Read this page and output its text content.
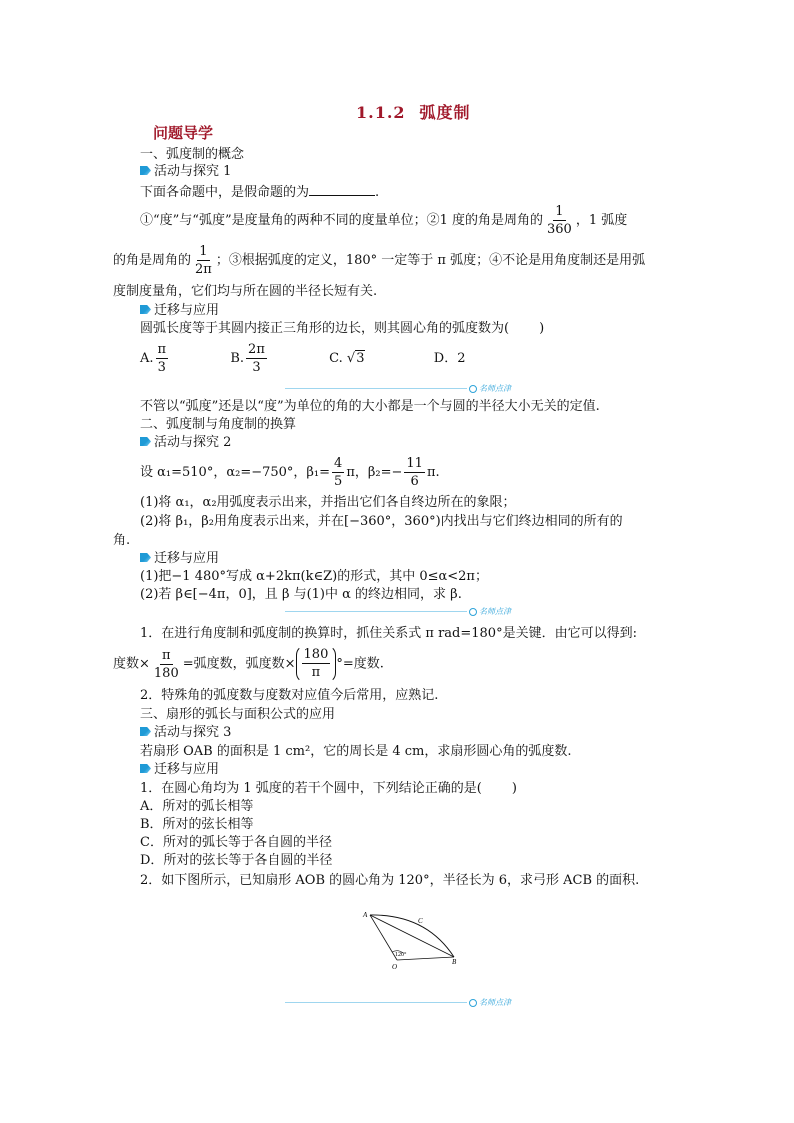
1.1.2 弧度制
问题导学
一、弧度制的概念
活动与探究 1
下面各命题中，是假命题的为	.
①“度”与“弧度”是度量角的两种不同的度量单位；②1 度的角是周角的 $\frac{1}{360}$ ，1 弧度
的角是周角的 $\frac{1}{2\pi}$ ；③根据弧度的定义，180° 一定等于 π 弧度；④不论是用角度制还是用弧
度制度量角，它们均与所在圆的半径长短有关.
迁移与应用
圆弧长度等于其圆内接正三角形的边长，则其圆心角的弧度数为( )
A. $\frac{\pi}{3}$	B. $\frac{2\pi}{3}$	C. √3	D．2
名师点津
不管以“弧度”还是以“度”为单位的角的大小都是一个与圆的半径大小无关的定值.
二、弧度制与角度制的换算
活动与探究 2
设 α₁=510°，α₂=−750°，$\beta_1= \frac{4}{5}$ π，$\beta_2=- \frac{11}{6} \pi$.
(1)将 α₁，α₂用弧度表示出来，并指出它们各自终边所在的象限；
(2)将 β₁，β₂用角度表示出来，并在[−360°，360°)内找出与它们终边相同的所有的
角.
迁移与应用
(1)把−1 480°写成 α+2kπ(k∈Z)的形式，其中 0≤α<2π；
(2)若 β∈[−4π，0]，且 β 与(1)中 α 的终边相同，求 β.
名师点津
1．在进行角度制和弧度制的换算时，抓住关系式 π rad=180°是关键．由它可以得到:
度数× $\frac{\pi}{180}$ =弧度数，弧度数× $\frac{180}{\pi}$ °=度数.
2．特殊角的弧度数与度数对应值今后常用，应熟记.
三、扇形的弧长与面积公式的应用
活动与探究 3
若扇形 OAB 的面积是 1 cm²，它的周长是 4 cm，求扇形圆心角的弧度数.
迁移与应用
1．在圆心角均为 1 弧度的若干个圆中，下列结论正确的是( )
A．所对的弧长相等
B．所对的弦长相等
C．所对的弧长等于各自圆的半径
D．所对的弦长等于各自圆的半径
2．如下图所示，已知扇形 AOB 的圆心角为 120°，半径长为 6，求弓形 ACB 的面积.
A
C
B
O
120°
名师点津
